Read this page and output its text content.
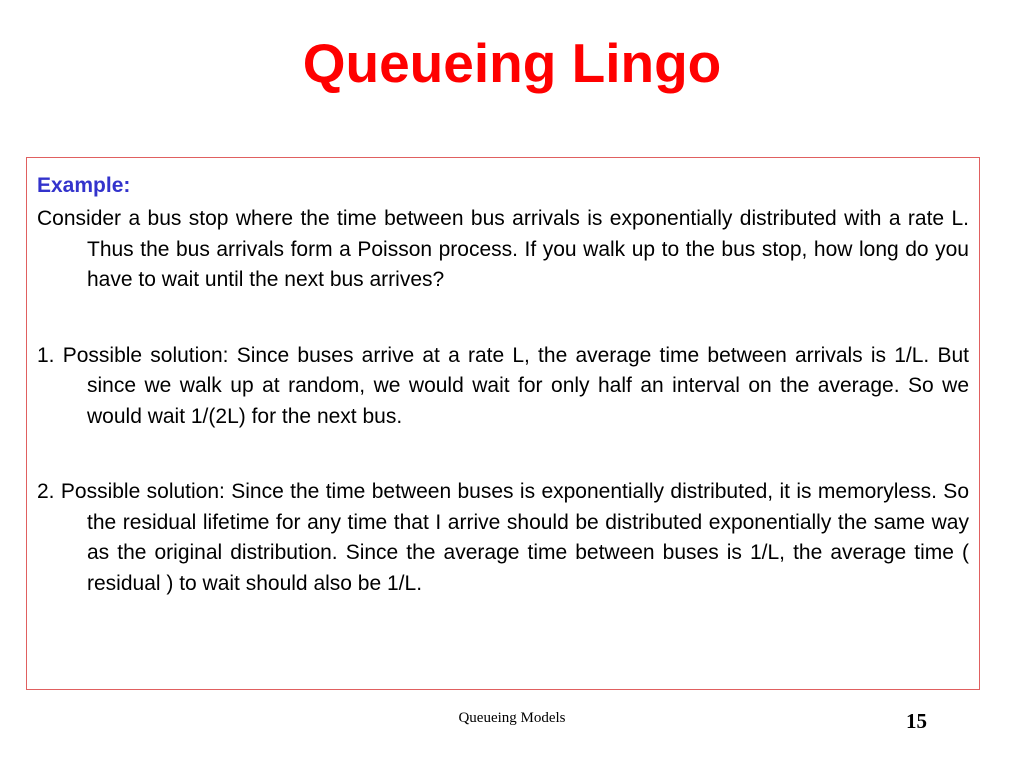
Queueing Lingo

Example:

Consider a bus stop where the time between bus arrivals is exponentially distributed with a rate L. Thus the bus arrivals form a Poisson process. If you walk up to the bus stop, how long do you have to wait until the next bus arrives?

1. Possible solution: Since buses arrive at a rate L, the average time between arrivals is 1/L. But since we walk up at random, we would wait for only half an interval on the average. So we would wait 1/(2L) for the next bus.

2. Possible solution: Since the time between buses is exponentially distributed, it is memoryless. So the residual lifetime for any time that I arrive should be distributed exponentially the same way as the original distribution. Since the average time between buses is 1/L, the average time ( residual ) to wait should also be 1/L.

Queueing Models	15
